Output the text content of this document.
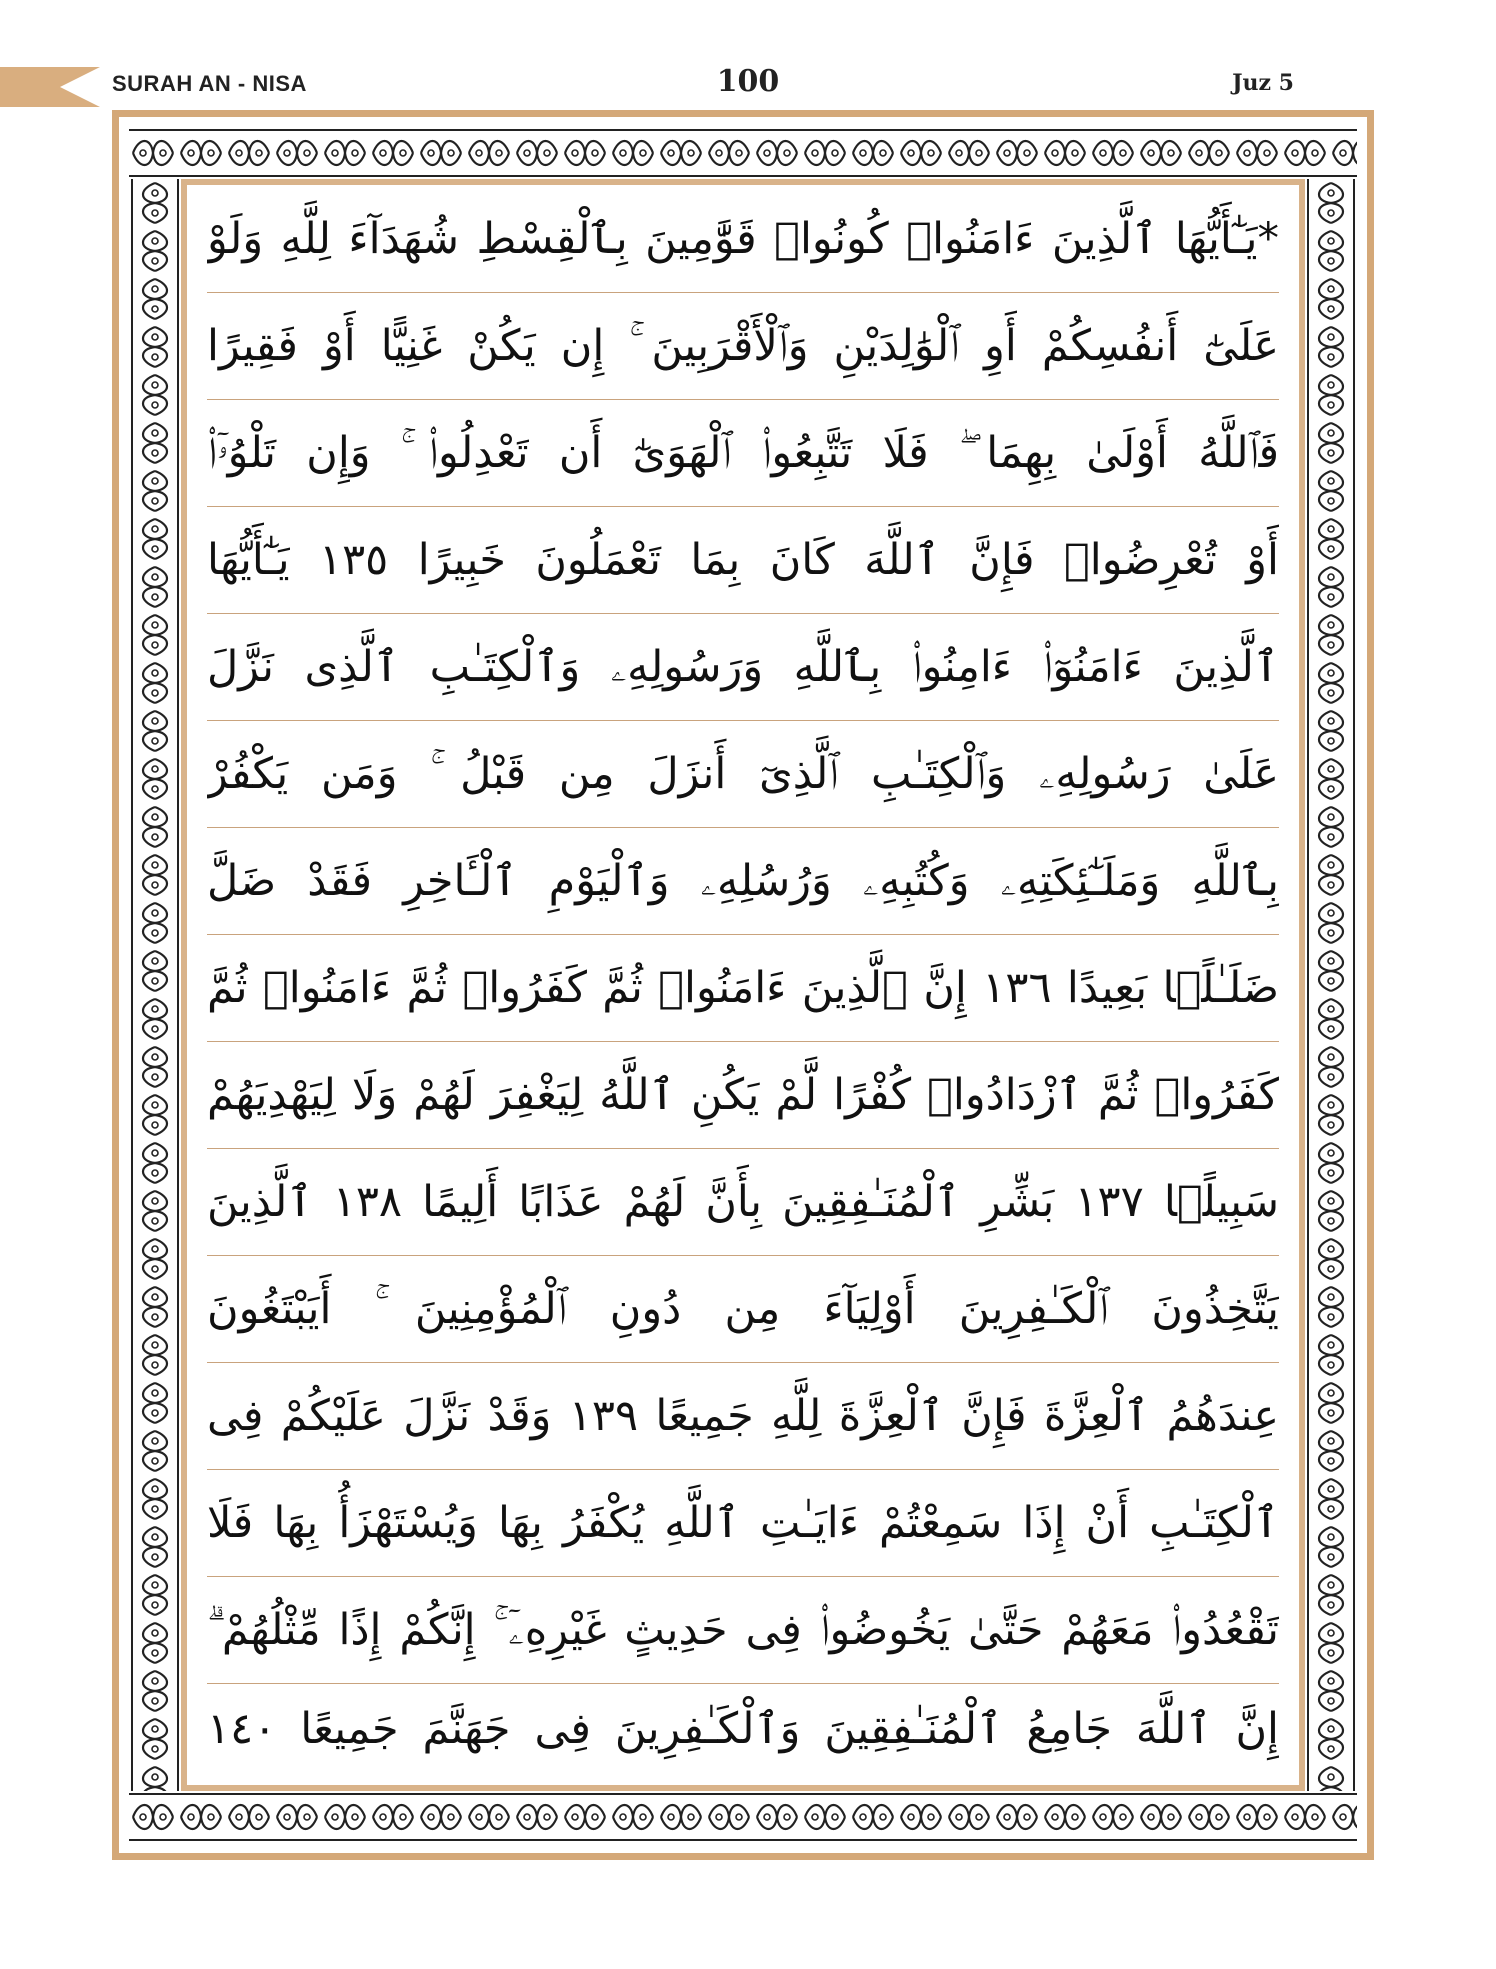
SURAH AN - NISA	100	Juz 5
*يَـٰٓأَيُّهَا ٱلَّذِينَ ءَامَنُوا۟ كُونُوا۟ قَوَّٰمِينَ بِٱلْقِسْطِ شُهَدَآءَ لِلَّهِ وَلَوْ
عَلَىٰٓ أَنفُسِكُمْ أَوِ ٱلْوَٰلِدَيْنِ وَٱلْأَقْرَبِينَ ۚ إِن يَكُنْ غَنِيًّا أَوْ فَقِيرًا
فَٱللَّهُ أَوْلَىٰ بِهِمَا ۖ فَلَا تَتَّبِعُوا۟ ٱلْهَوَىٰٓ أَن تَعْدِلُوا۟ ۚ وَإِن تَلْوُۥٓا۟
أَوْ تُعْرِضُوا۟ فَإِنَّ ٱللَّهَ كَانَ بِمَا تَعْمَلُونَ خَبِيرًا ١٣٥ يَـٰٓأَيُّهَا
ٱلَّذِينَ ءَامَنُوٓا۟ ءَامِنُوا۟ بِٱللَّهِ وَرَسُولِهِۦ وَٱلْكِتَـٰبِ ٱلَّذِى نَزَّلَ
عَلَىٰ رَسُولِهِۦ وَٱلْكِتَـٰبِ ٱلَّذِىٓ أَنزَلَ مِن قَبْلُ ۚ وَمَن يَكْفُرْ
بِٱللَّهِ وَمَلَـٰٓئِكَتِهِۦ وَكُتُبِهِۦ وَرُسُلِهِۦ وَٱلْيَوْمِ ٱلْـَٔاخِرِ فَقَدْ ضَلَّ
ضَلَـٰلًۢا بَعِيدًا ١٣٦ إِنَّ ٱلَّذِينَ ءَامَنُوا۟ ثُمَّ كَفَرُوا۟ ثُمَّ ءَامَنُوا۟ ثُمَّ
كَفَرُوا۟ ثُمَّ ٱزْدَادُوا۟ كُفْرًا لَّمْ يَكُنِ ٱللَّهُ لِيَغْفِرَ لَهُمْ وَلَا لِيَهْدِيَهُمْ
سَبِيلًۢا ١٣٧ بَشِّرِ ٱلْمُنَـٰفِقِينَ بِأَنَّ لَهُمْ عَذَابًا أَلِيمًا ١٣٨ ٱلَّذِينَ
يَتَّخِذُونَ ٱلْكَـٰفِرِينَ أَوْلِيَآءَ مِن دُونِ ٱلْمُؤْمِنِينَ ۚ أَيَبْتَغُونَ
عِندَهُمُ ٱلْعِزَّةَ فَإِنَّ ٱلْعِزَّةَ لِلَّهِ جَمِيعًا ١٣٩ وَقَدْ نَزَّلَ عَلَيْكُمْ فِى
ٱلْكِتَـٰبِ أَنْ إِذَا سَمِعْتُمْ ءَايَـٰتِ ٱللَّهِ يُكْفَرُ بِهَا وَيُسْتَهْزَأُ بِهَا فَلَا
تَقْعُدُوا۟ مَعَهُمْ حَتَّىٰ يَخُوضُوا۟ فِى حَدِيثٍ غَيْرِهِۦٓ ۚ إِنَّكُمْ إِذًا مِّثْلُهُمْ ۗ
إِنَّ ٱللَّهَ جَامِعُ ٱلْمُنَـٰفِقِينَ وَٱلْكَـٰفِرِينَ فِى جَهَنَّمَ جَمِيعًا ١٤٠
